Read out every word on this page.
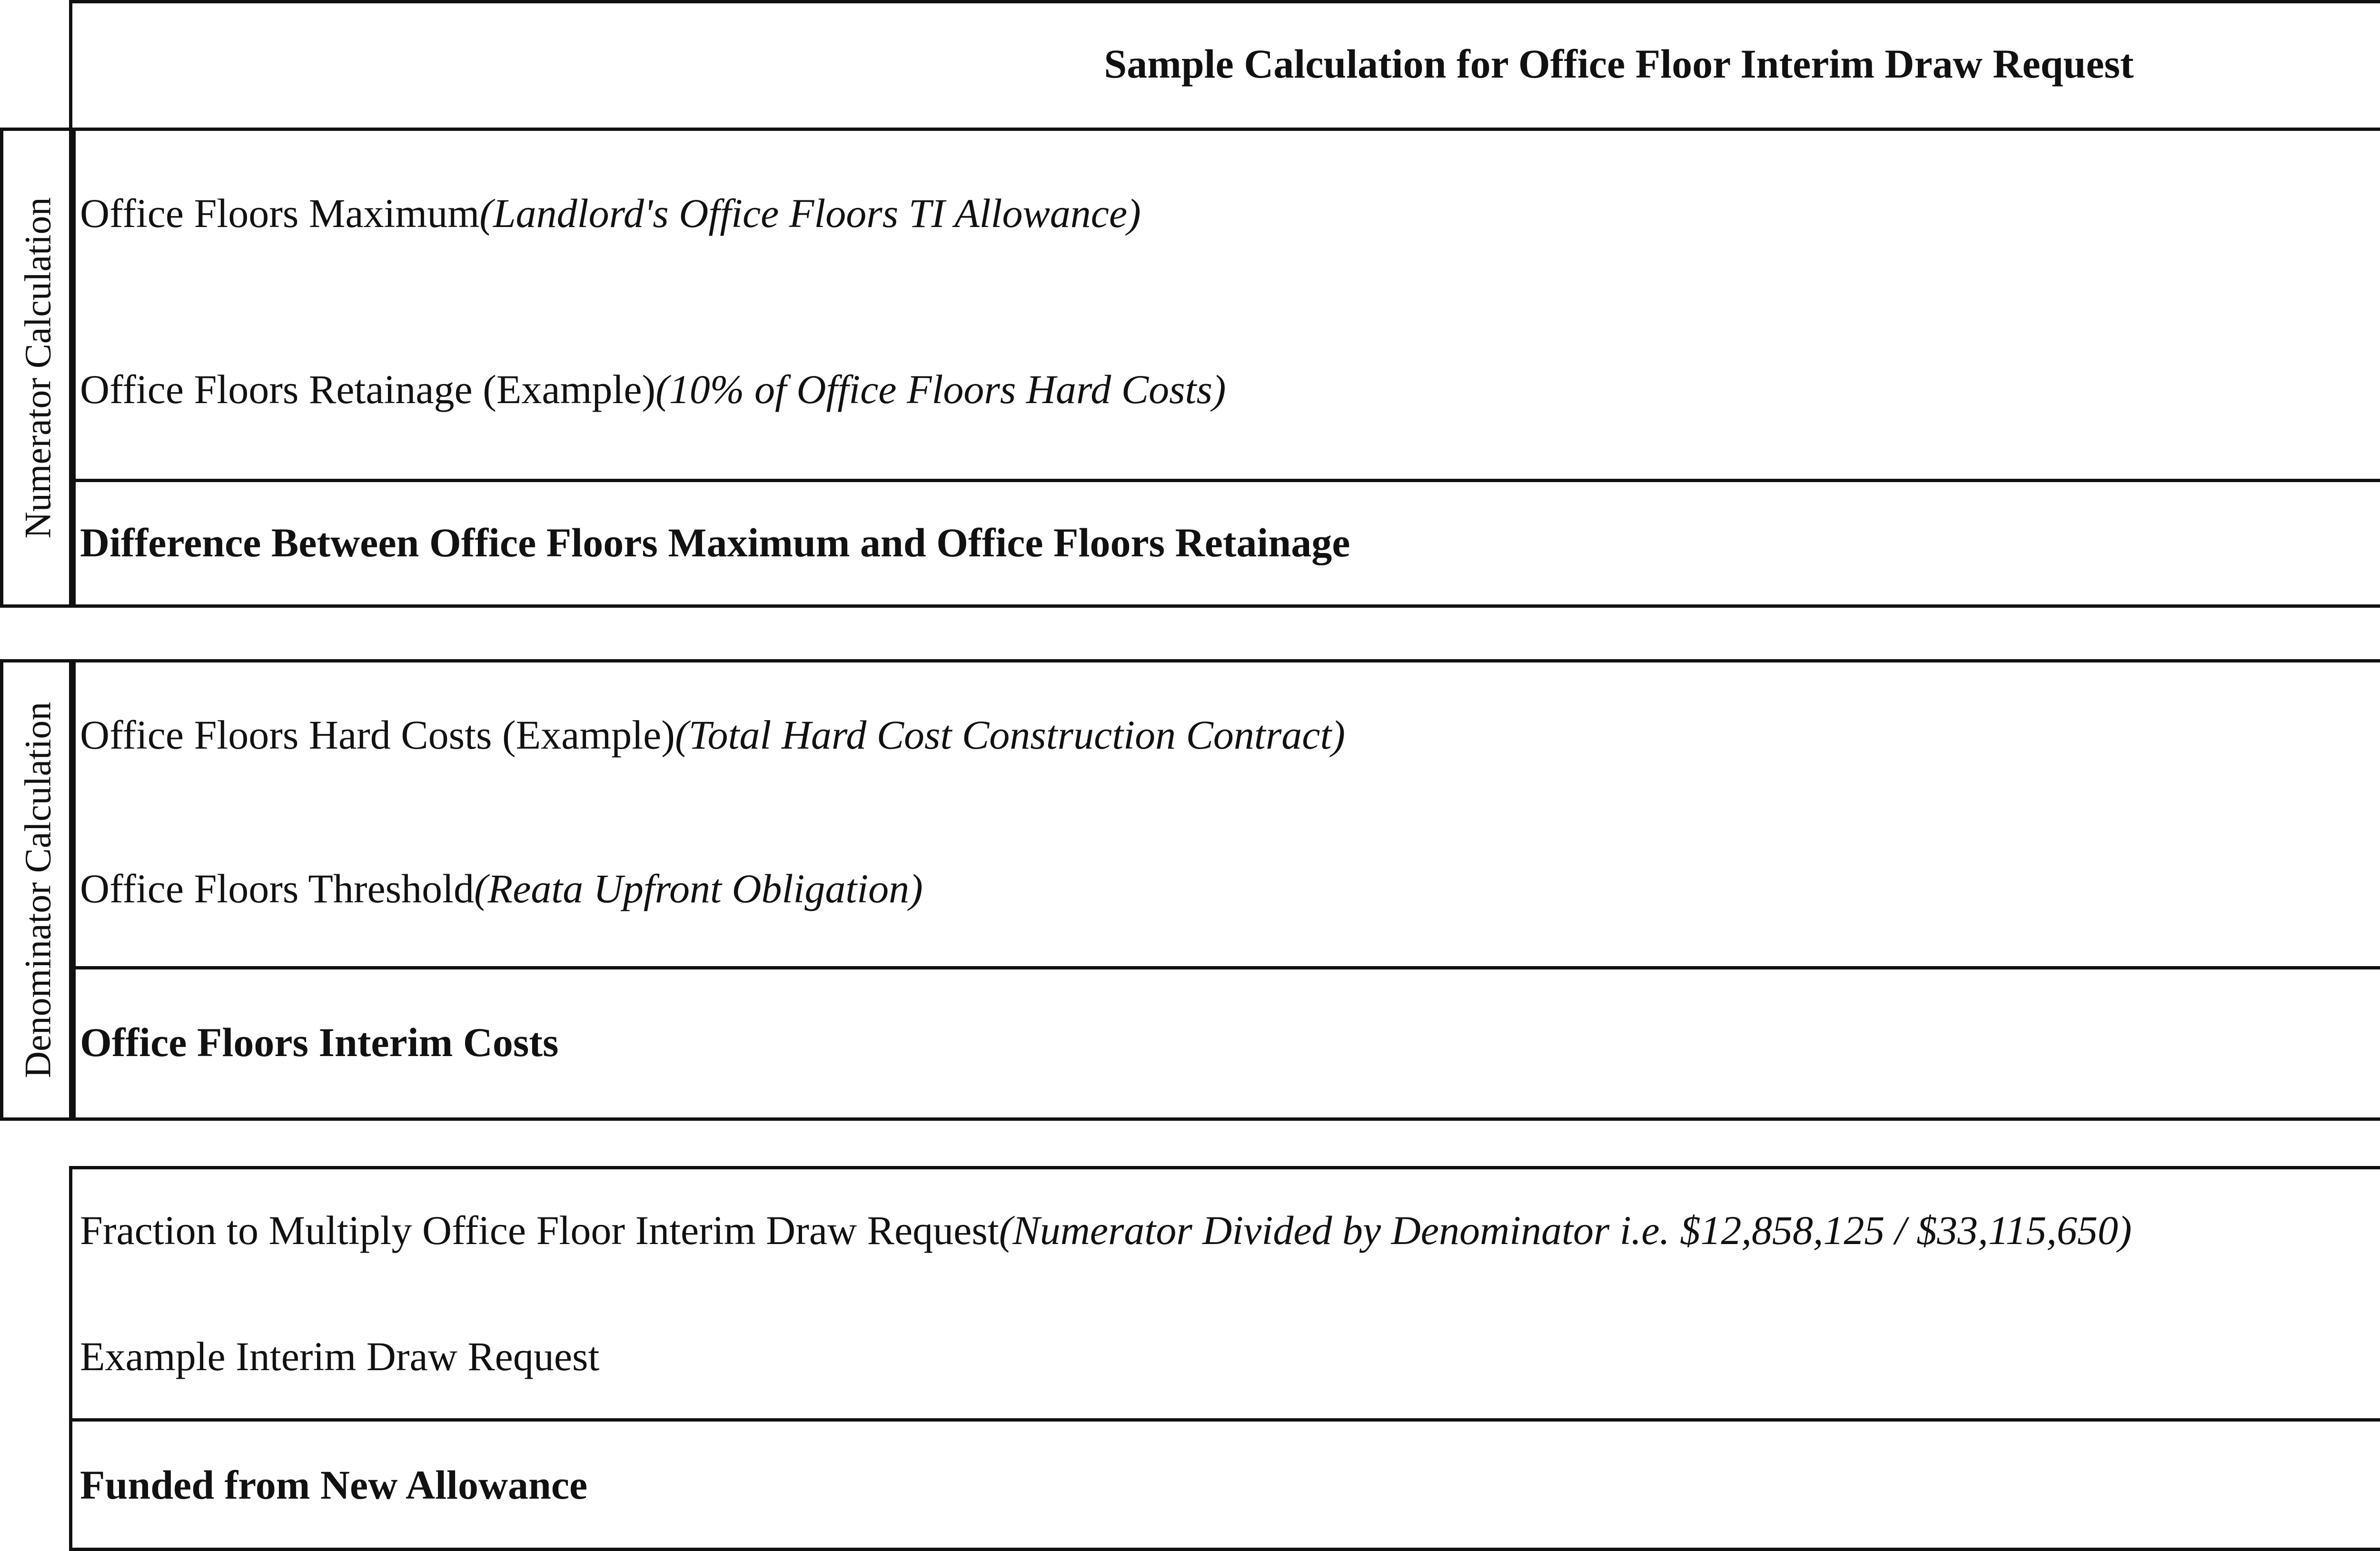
Sample Calculation for Office Floor Interim Draw Request
Numerator Calculation Office Floors Maximum (Landlord's Office Floors TI Allowance)
Office Floors Retainage (Example) (10% of Office Floors Hard Costs)
Difference Between Office Floors Maximum and Office Floors Retainage
Denominator Calculation Office Floors Hard Costs (Example) (Total Hard Cost Construction Contract)
Office Floors Threshold (Reata Upfront Obligation)
Office Floors Interim Costs
Fraction to Multiply Office Floor Interim Draw Request (Numerator Divided by Denominator i.e. $12,858,125 / $33,115,650)
Example Interim Draw Request
Funded from New Allowance
